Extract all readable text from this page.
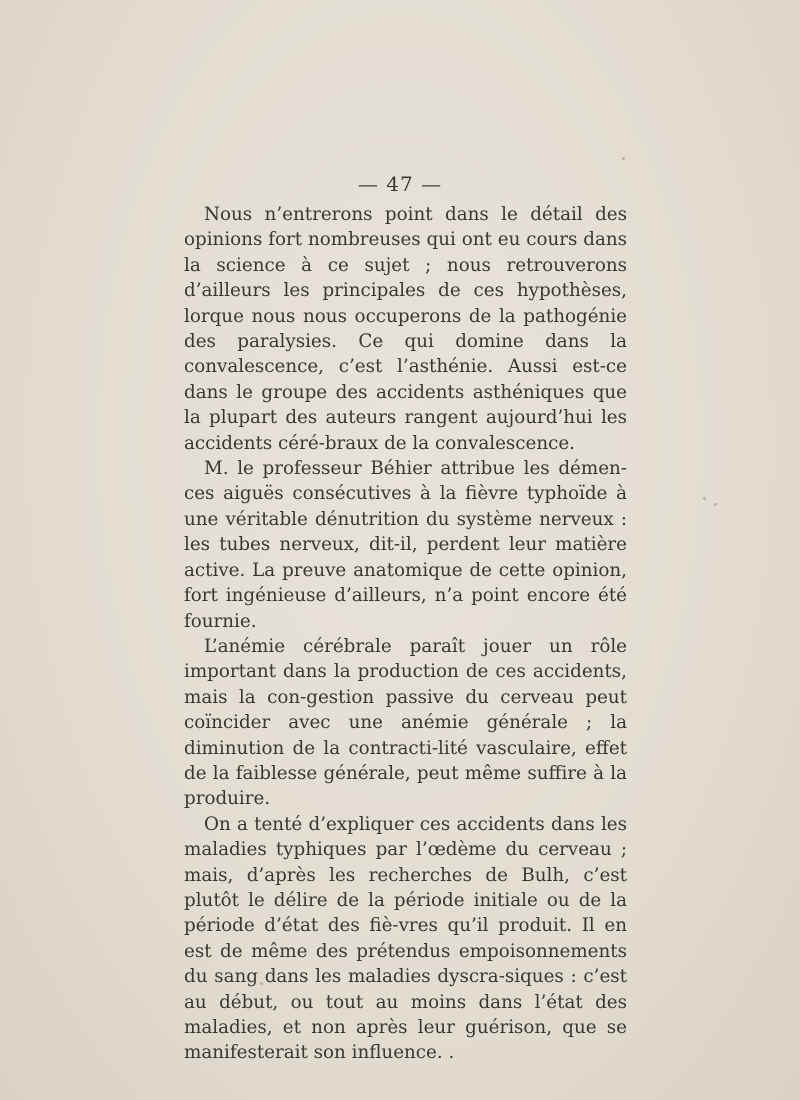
— 47 —

Nous n’entrerons point dans le détail des opinions fort nombreuses qui ont eu cours dans la science à ce sujet ; nous retrouverons d’ailleurs les principales de ces hypothèses, lorque nous nous occuperons de la pathogénie des paralysies. Ce qui domine dans la convalescence, c’est l’asthénie. Aussi est-ce dans le groupe des accidents asthéniques que la plupart des auteurs rangent aujourd’hui les accidents céré-braux de la convalescence.

M. le professeur Béhier attribue les démen-ces aiguës consécutives à la fièvre typhoïde à une véritable dénutrition du système nerveux : les tubes nerveux, dit-il, perdent leur matière active. La preuve anatomique de cette opinion, fort ingénieuse d’ailleurs, n’a point encore été fournie.

L’anémie cérébrale paraît jouer un rôle important dans la production de ces accidents, mais la con-gestion passive du cerveau peut coïncider avec une anémie générale ; la diminution de la contracti-lité vasculaire, effet de la faiblesse générale, peut même suffire à la produire.

On a tenté d’expliquer ces accidents dans les maladies typhiques par l’œdème du cerveau ; mais, d’après les recherches de Bulh, c’est plutôt le délire de la période initiale ou de la période d’état des fiè-vres qu’il produit. Il en est de même des prétendus empoisonnements du sang dans les maladies dyscra-siques : c’est au début, ou tout au moins dans l’état des maladies, et non après leur guérison, que se manifesterait son influence. .
